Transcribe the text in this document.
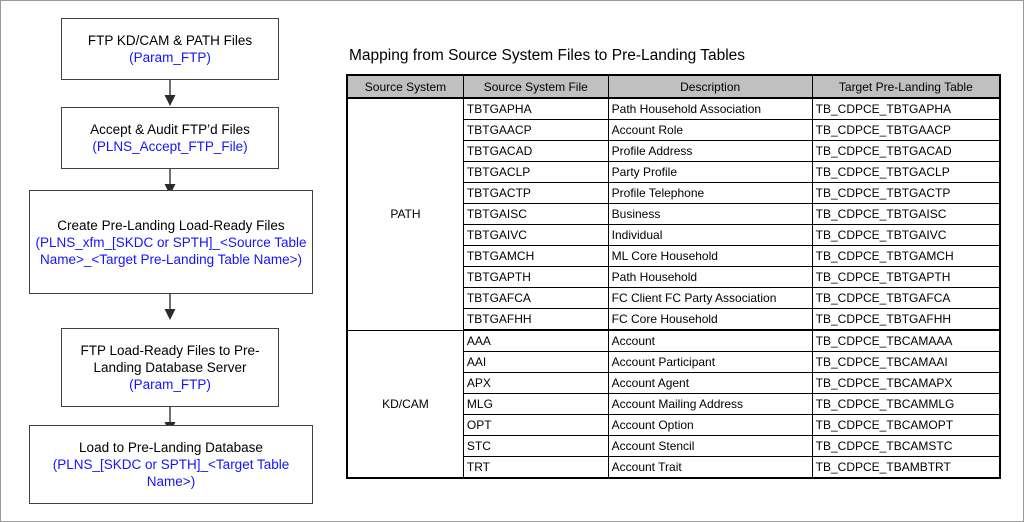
FTP KD/CAM & PATH Files
(Param_FTP)
Accept & Audit FTP’d Files
(PLNS_Accept_FTP_File)
Create Pre-Landing Load-Ready Files
(PLNS_xfm_[SKDC or SPTH]_<Source Table Name>_<Target Pre-Landing Table Name>)
FTP Load-Ready Files to Pre-Landing Database Server
(Param_FTP)
Load to Pre-Landing Database
(PLNS_[SKDC or SPTH]_<Target Table Name>)
Mapping from Source System Files to Pre-Landing Tables
Source System	Source System File	Description	Target Pre-Landing Table
PATH	TBTGAPHA	Path Household Association	TB_CDPCE_TBTGAPHA
	TBTGAACP	Account Role	TB_CDPCE_TBTGAACP
	TBTGACAD	Profile Address	TB_CDPCE_TBTGACAD
	TBTGACLP	Party Profile	TB_CDPCE_TBTGACLP
	TBTGACTP	Profile Telephone	TB_CDPCE_TBTGACTP
	TBTGAISC	Business	TB_CDPCE_TBTGAISC
	TBTGAIVC	Individual	TB_CDPCE_TBTGAIVC
	TBTGAMCH	ML Core Household	TB_CDPCE_TBTGAMCH
	TBTGAPTH	Path Household	TB_CDPCE_TBTGAPTH
	TBTGAFCA	FC Client FC Party Association	TB_CDPCE_TBTGAFCA
	TBTGAFHH	FC Core Household	TB_CDPCE_TBTGAFHH
KD/CAM	AAA	Account	TB_CDPCE_TBCAMAAA
	AAI	Account Participant	TB_CDPCE_TBCAMAAI
	APX	Account Agent	TB_CDPCE_TBCAMAPX
	MLG	Account Mailing Address	TB_CDPCE_TBCAMMLG
	OPT	Account Option	TB_CDPCE_TBCAMOPT
	STC	Account Stencil	TB_CDPCE_TBCAMSTC
	TRT	Account Trait	TB_CDPCE_TBAMBTRT
